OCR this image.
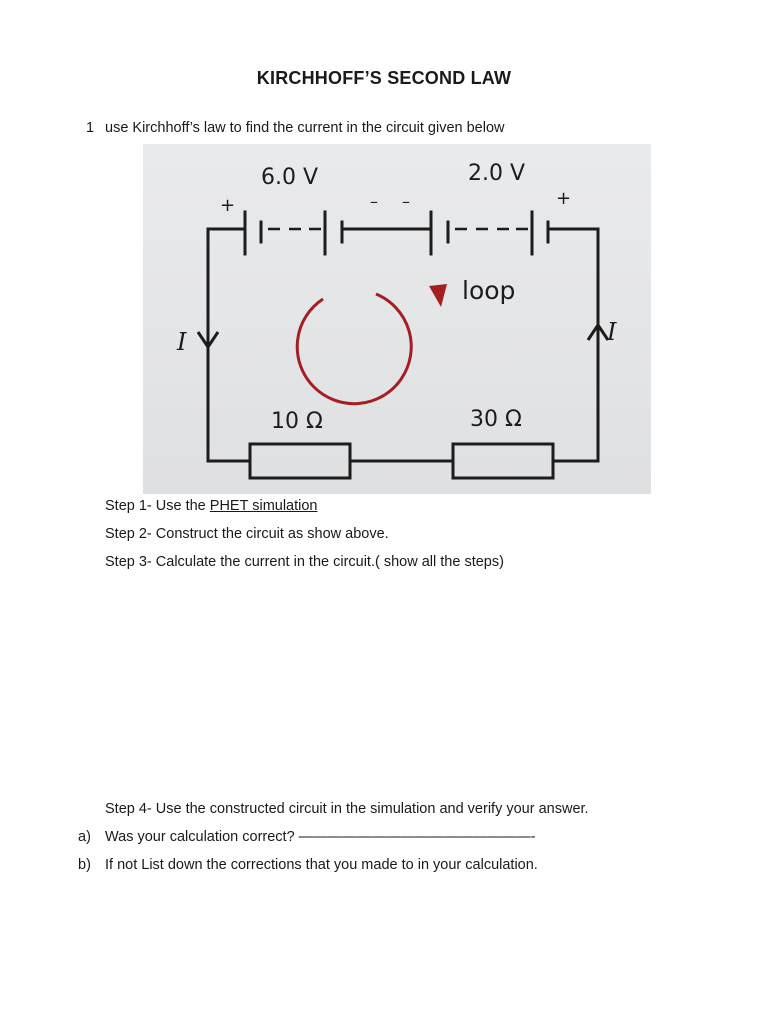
KIRCHHOFF’S SECOND LAW
1 use Kirchhoff’s law to find the current in the circuit given below
6.0 V	2.0 V
+	+
– –
loop
10 Ω	30 Ω
I	I
Step 1- Use the PHET simulation
Step 2- Construct the circuit as show above.
Step 3- Calculate the current in the circuit.( show all the steps)
Step 4- Use the constructed circuit in the simulation and verify your answer.
a) Was your calculation correct? ————————————————-
b) If not List down the corrections that you made to in your calculation.
